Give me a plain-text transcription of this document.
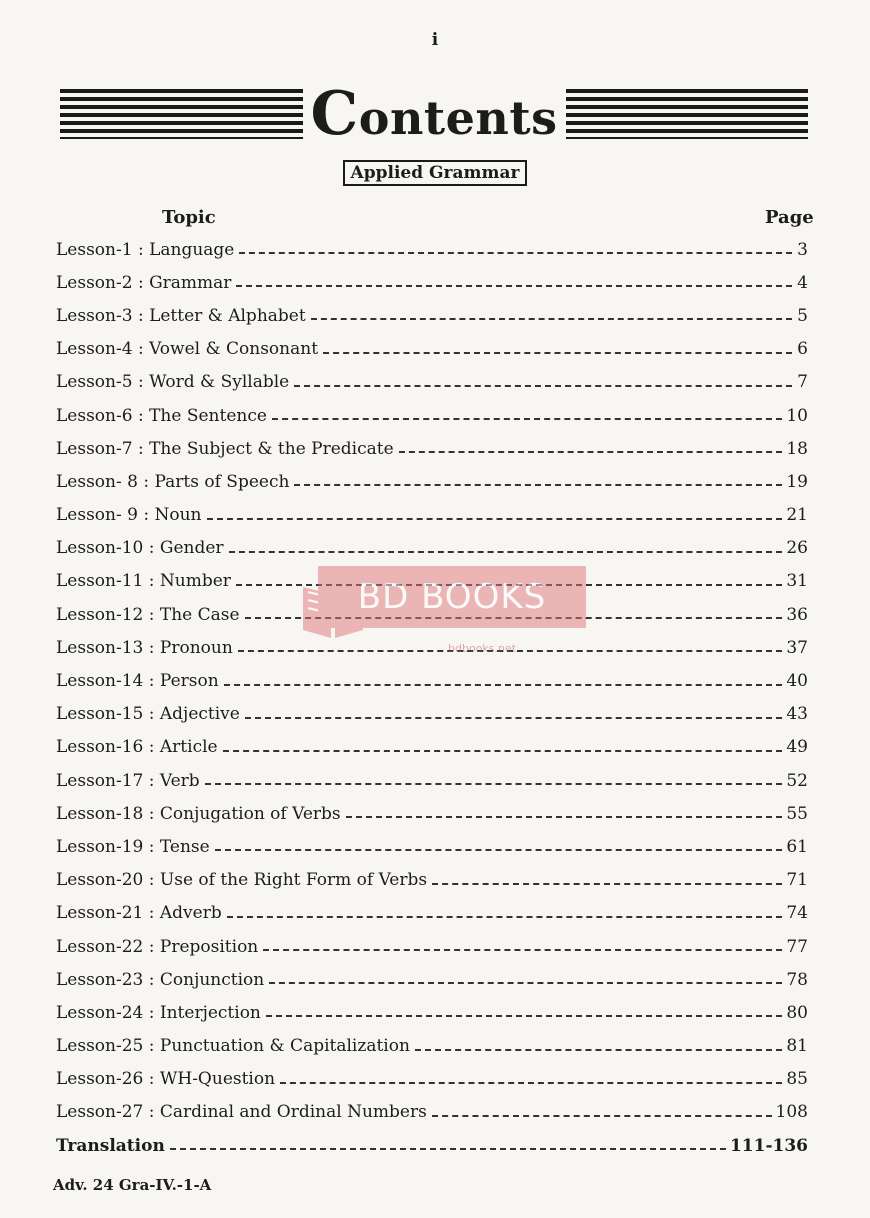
i
Contents
Applied Grammar
Topic	Page
Lesson-1 : Language	3
Lesson-2 : Grammar	4
Lesson-3 : Letter & Alphabet	5
Lesson-4 : Vowel & Consonant	6
Lesson-5 : Word & Syllable	7
Lesson-6 : The Sentence	10
Lesson-7 : The Subject & the Predicate	18
Lesson- 8 : Parts of Speech	19
Lesson- 9 : Noun	21
Lesson-10 : Gender	26
Lesson-11 : Number	31
Lesson-12 : The Case	36
Lesson-13 : Pronoun	37
Lesson-14 : Person	40
Lesson-15 : Adjective	43
Lesson-16 : Article	49
Lesson-17 : Verb	52
Lesson-18 : Conjugation of Verbs	55
Lesson-19 : Tense	61
Lesson-20 : Use of the Right Form of Verbs	71
Lesson-21 : Adverb	74
Lesson-22 : Preposition	77
Lesson-23 : Conjunction	78
Lesson-24 : Interjection	80
Lesson-25 : Punctuation & Capitalization	81
Lesson-26 : WH-Question	85
Lesson-27 : Cardinal and Ordinal Numbers	108
Translation	111-136
BD BOOKS
bdbooks.net
Adv. 24 Gra-IV.-1-A
